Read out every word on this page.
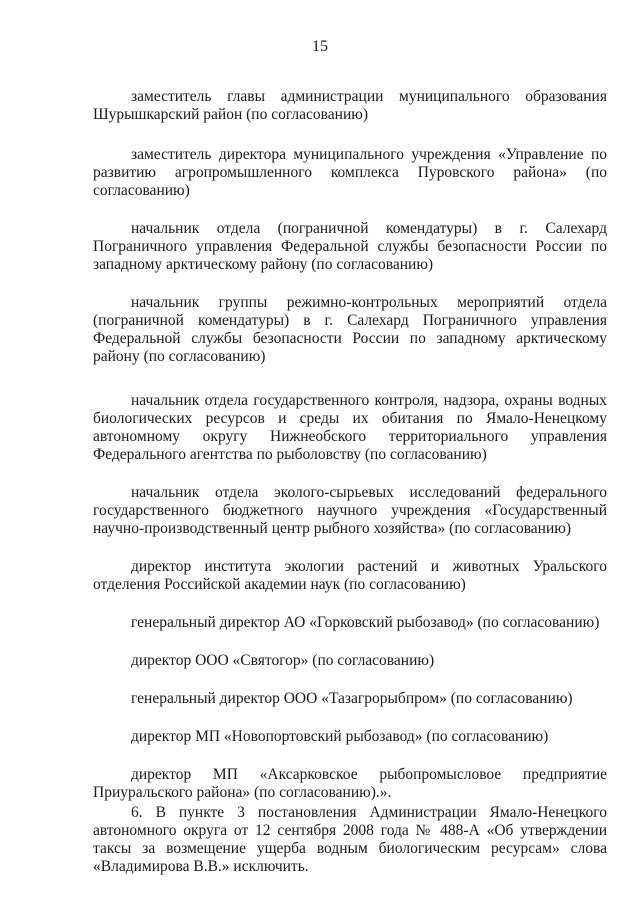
15

заместитель главы администрации муниципального образования Шурышкарский район (по согласованию)

заместитель директора муниципального учреждения «Управление по развитию агропромышленного комплекса Пуровского района» (по согласованию)

начальник отдела (пограничной комендатуры) в г. Салехард Пограничного управления Федеральной службы безопасности России по западному арктическому району (по согласованию)

начальник группы режимно-контрольных мероприятий отдела (пограничной комендатуры) в г. Салехард Пограничного управления Федеральной службы безопасности России по западному арктическому району (по согласованию)

начальник отдела государственного контроля, надзора, охраны водных биологических ресурсов и среды их обитания по Ямало-Ненецкому автономному округу Нижнеобского территориального управления Федерального агентства по рыболовству (по согласованию)

начальник отдела эколого-сырьевых исследований федерального государственного бюджетного научного учреждения «Государственный научно-производственный центр рыбного хозяйства» (по согласованию)

директор института экологии растений и животных Уральского отделения Российской академии наук (по согласованию)

генеральный директор АО «Горковский рыбозавод» (по согласованию)

директор ООО «Святогор» (по согласованию)

генеральный директор ООО «Тазагрорыбпром» (по согласованию)

директор МП «Новопортовский рыбозавод» (по согласованию)

директор МП «Аксарковское рыбопромысловое предприятие Приуральского района» (по согласованию).».

6. В пункте 3 постановления Администрации Ямало-Ненецкого автономного округа от 12 сентября 2008 года № 488-А «Об утверждении таксы за возмещение ущерба водным биологическим ресурсам» слова «Владимирова В.В.» исключить.
